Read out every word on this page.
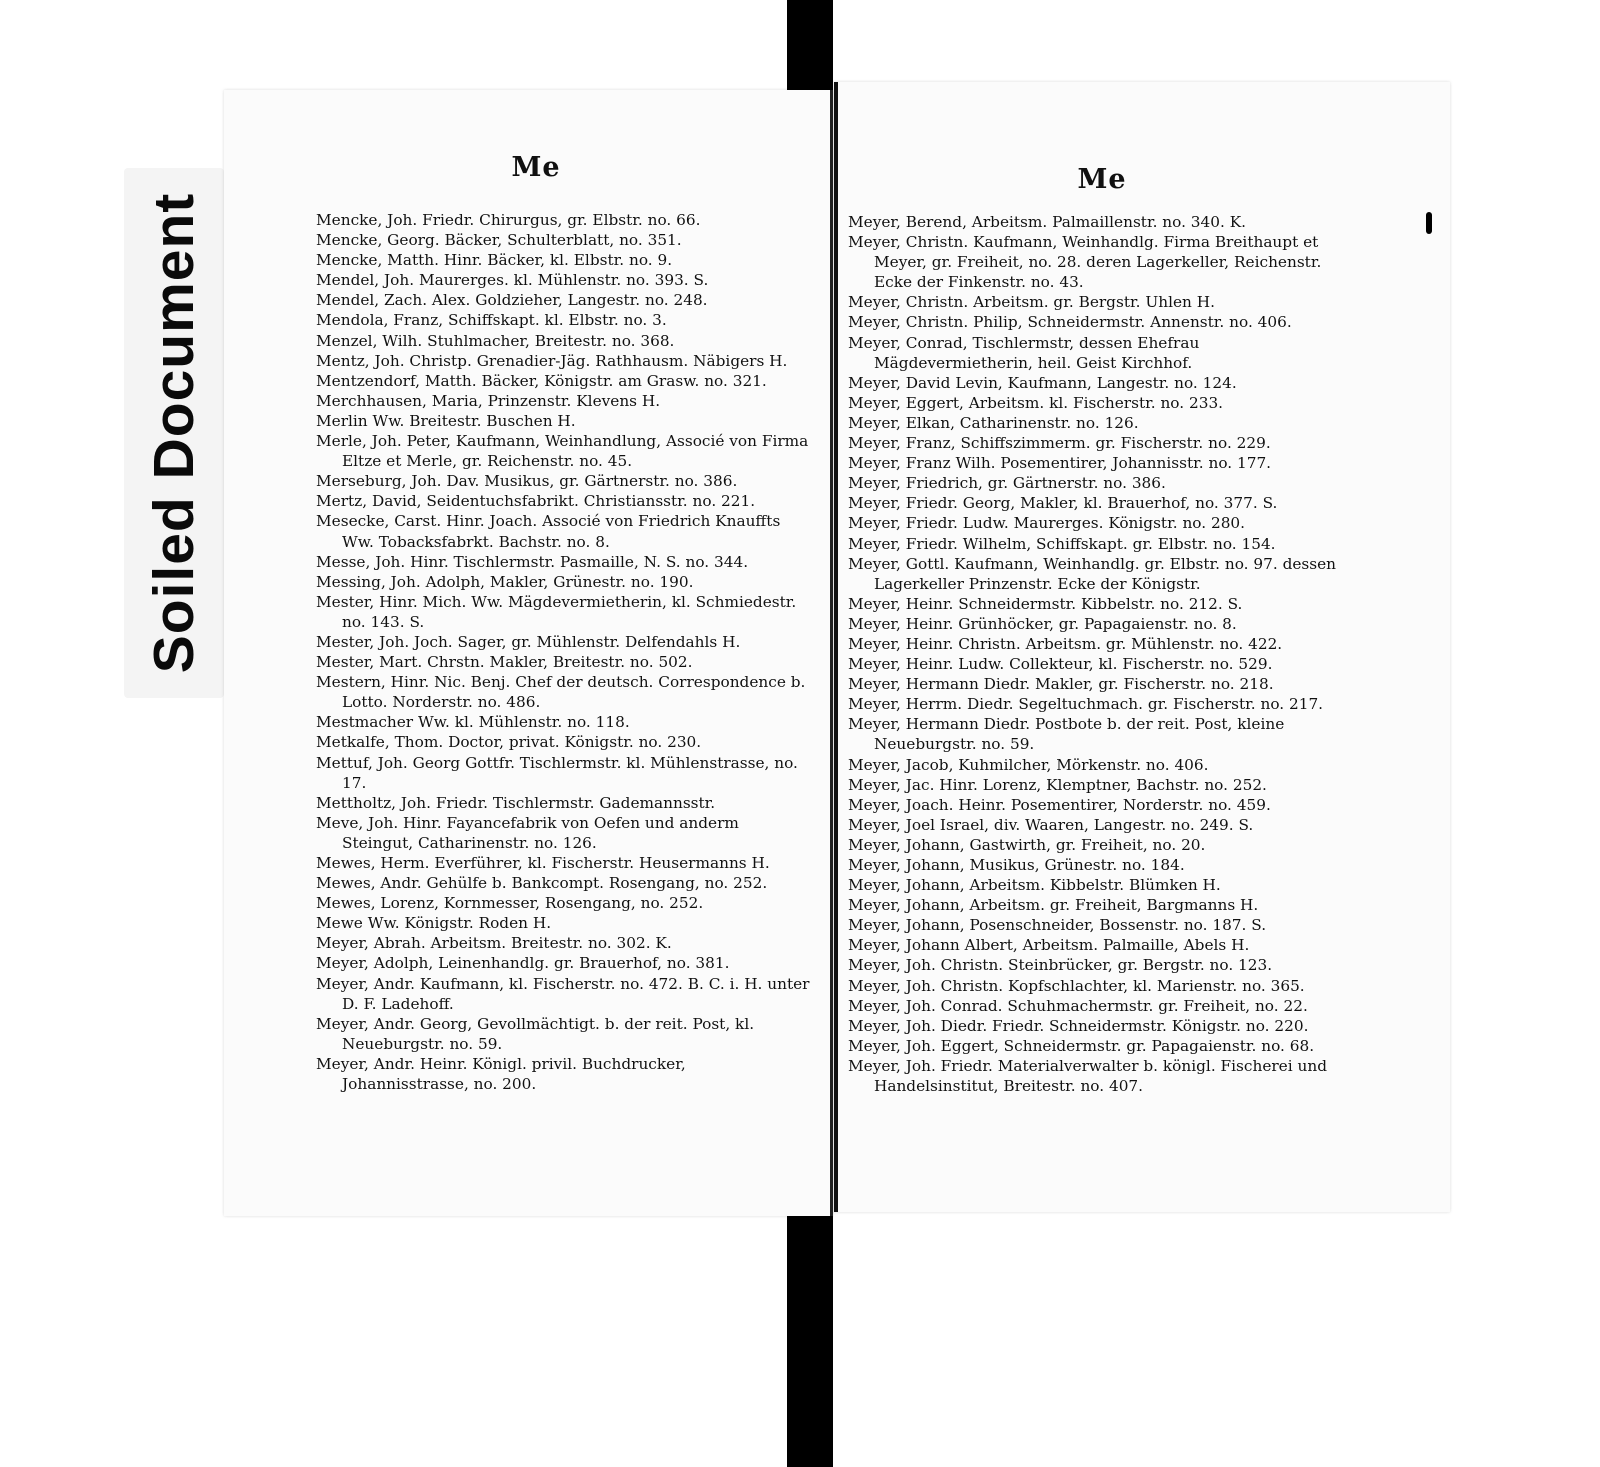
Soiled Document
Me
Mencke, Joh. Friedr. Chirurgus, gr. Elbstr. no. 66.
Mencke, Georg. Bäcker, Schulterblatt, no. 351.
Mencke, Matth. Hinr. Bäcker, kl. Elbstr. no. 9.
Mendel, Joh. Maurerges. kl. Mühlenstr. no. 393. S.
Mendel, Zach. Alex. Goldzieher, Langestr. no. 248.
Mendola, Franz, Schiffskapt. kl. Elbstr. no. 3.
Menzel, Wilh. Stuhlmacher, Breitestr. no. 368.
Mentz, Joh. Christp. Grenadier-Jäg. Rathhausm. Näbigers H.
Mentzendorf, Matth. Bäcker, Königstr. am Grasw. no. 321.
Merchhausen, Maria, Prinzenstr. Klevens H.
Merlin Ww. Breitestr. Buschen H.
Merle, Joh. Peter, Kaufmann, Weinhandlung, Associé von Firma Eltze et Merle, gr. Reichenstr. no. 45.
Merseburg, Joh. Dav. Musikus, gr. Gärtnerstr. no. 386.
Mertz, David, Seidentuchsfabrikt. Christiansstr. no. 221.
Mesecke, Carst. Hinr. Joach. Associé von Friedrich Knauffts Ww. Tobacksfabrkt. Bachstr. no. 8.
Messe, Joh. Hinr. Tischlermstr. Pasmaille, N. S. no. 344.
Messing, Joh. Adolph, Makler, Grünestr. no. 190.
Mester, Hinr. Mich. Ww. Mägdevermietherin, kl. Schmiedestr. no. 143. S.
Mester, Joh. Joch. Sager, gr. Mühlenstr. Delfendahls H.
Mester, Mart. Chrstn. Makler, Breitestr. no. 502.
Mestern, Hinr. Nic. Benj. Chef der deutsch. Correspondence b. Lotto. Norderstr. no. 486.
Mestmacher Ww. kl. Mühlenstr. no. 118.
Metkalfe, Thom. Doctor, privat. Königstr. no. 230.
Mettuf, Joh. Georg Gottfr. Tischlermstr. kl. Mühlenstrasse, no. 17.
Mettholtz, Joh. Friedr. Tischlermstr. Gademannsstr.
Meve, Joh. Hinr. Fayancefabrik von Oefen und anderm Steingut, Catharinenstr. no. 126.
Mewes, Herm. Everführer, kl. Fischerstr. Heusermanns H.
Mewes, Andr. Gehülfe b. Bankcompt. Rosengang, no. 252.
Mewes, Lorenz, Kornmesser, Rosengang, no. 252.
Mewe Ww. Königstr. Roden H.
Meyer, Abrah. Arbeitsm. Breitestr. no. 302. K.
Meyer, Adolph, Leinenhandlg. gr. Brauerhof, no. 381.
Meyer, Andr. Kaufmann, kl. Fischerstr. no. 472. B. C. i. H. unter D. F. Ladehoff.
Meyer, Andr. Georg, Gevollmächtigt. b. der reit. Post, kl. Neueburgstr. no. 59.
Meyer, Andr. Heinr. Königl. privil. Buchdrucker, Johannisstrasse, no. 200.
Me
Meyer, Berend, Arbeitsm. Palmaillenstr. no. 340. K.
Meyer, Christn. Kaufmann, Weinhandlg. Firma Breithaupt et Meyer, gr. Freiheit, no. 28. deren Lagerkeller, Reichenstr. Ecke der Finkenstr. no. 43.
Meyer, Christn. Arbeitsm. gr. Bergstr. Uhlen H.
Meyer, Christn. Philip, Schneidermstr. Annenstr. no. 406.
Meyer, Conrad, Tischlermstr, dessen Ehefrau Mägdevermietherin, heil. Geist Kirchhof.
Meyer, David Levin, Kaufmann, Langestr. no. 124.
Meyer, Eggert, Arbeitsm. kl. Fischerstr. no. 233.
Meyer, Elkan, Catharinenstr. no. 126.
Meyer, Franz, Schiffszimmerm. gr. Fischerstr. no. 229.
Meyer, Franz Wilh. Posementirer, Johannisstr. no. 177.
Meyer, Friedrich, gr. Gärtnerstr. no. 386.
Meyer, Friedr. Georg, Makler, kl. Brauerhof, no. 377. S.
Meyer, Friedr. Ludw. Maurerges. Königstr. no. 280.
Meyer, Friedr. Wilhelm, Schiffskapt. gr. Elbstr. no. 154.
Meyer, Gottl. Kaufmann, Weinhandlg. gr. Elbstr. no. 97. dessen Lagerkeller Prinzenstr. Ecke der Königstr.
Meyer, Heinr. Schneidermstr. Kibbelstr. no. 212. S.
Meyer, Heinr. Grünhöcker, gr. Papagaienstr. no. 8.
Meyer, Heinr. Christn. Arbeitsm. gr. Mühlenstr. no. 422.
Meyer, Heinr. Ludw. Collekteur, kl. Fischerstr. no. 529.
Meyer, Hermann Diedr. Makler, gr. Fischerstr. no. 218.
Meyer, Herrm. Diedr. Segeltuchmach. gr. Fischerstr. no. 217.
Meyer, Hermann Diedr. Postbote b. der reit. Post, kleine Neueburgstr. no. 59.
Meyer, Jacob, Kuhmilcher, Mörkenstr. no. 406.
Meyer, Jac. Hinr. Lorenz, Klemptner, Bachstr. no. 252.
Meyer, Joach. Heinr. Posementirer, Norderstr. no. 459.
Meyer, Joel Israel, div. Waaren, Langestr. no. 249. S.
Meyer, Johann, Gastwirth, gr. Freiheit, no. 20.
Meyer, Johann, Musikus, Grünestr. no. 184.
Meyer, Johann, Arbeitsm. Kibbelstr. Blümken H.
Meyer, Johann, Arbeitsm. gr. Freiheit, Bargmanns H.
Meyer, Johann, Posenschneider, Bossenstr. no. 187. S.
Meyer, Johann Albert, Arbeitsm. Palmaille, Abels H.
Meyer, Joh. Christn. Steinbrücker, gr. Bergstr. no. 123.
Meyer, Joh. Christn. Kopfschlachter, kl. Marienstr. no. 365.
Meyer, Joh. Conrad. Schuhmachermstr. gr. Freiheit, no. 22.
Meyer, Joh. Diedr. Friedr. Schneidermstr. Königstr. no. 220.
Meyer, Joh. Eggert, Schneidermstr. gr. Papagaienstr. no. 68.
Meyer, Joh. Friedr. Materialverwalter b. königl. Fischerei und Handelsinstitut, Breitestr. no. 407.
